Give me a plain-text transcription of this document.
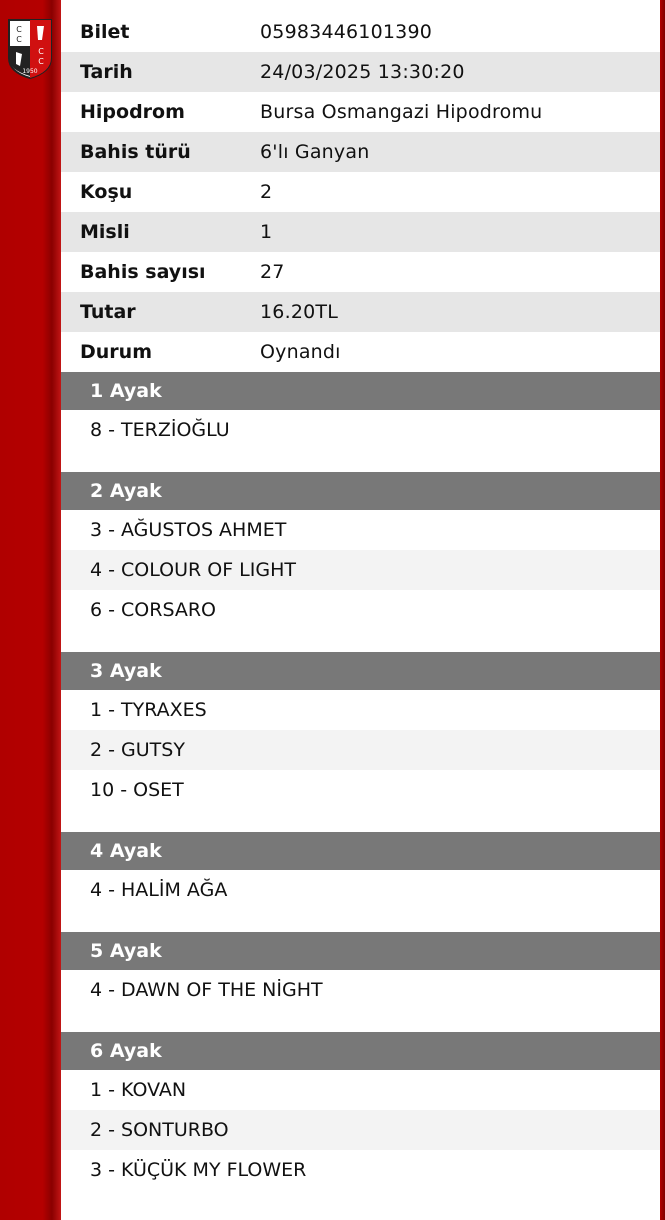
C
C
C
C
1950
Bilet	05983446101390
Tarih	24/03/2025 13:30:20
Hipodrom	Bursa Osmangazi Hipodromu
Bahis türü	6'lı Ganyan
Koşu	2
Misli	1
Bahis sayısı	27
Tutar	16.20TL
Durum	Oynandı
1 Ayak
8 - TERZİOĞLU
2 Ayak
3 - AĞUSTOS AHMET
4 - COLOUR OF LIGHT
6 - CORSARO
3 Ayak
1 - TYRAXES
2 - GUTSY
10 - OSET
4 Ayak
4 - HALİM AĞA
5 Ayak
4 - DAWN OF THE NİGHT
6 Ayak
1 - KOVAN
2 - SONTURBO
3 - KÜÇÜK MY FLOWER
